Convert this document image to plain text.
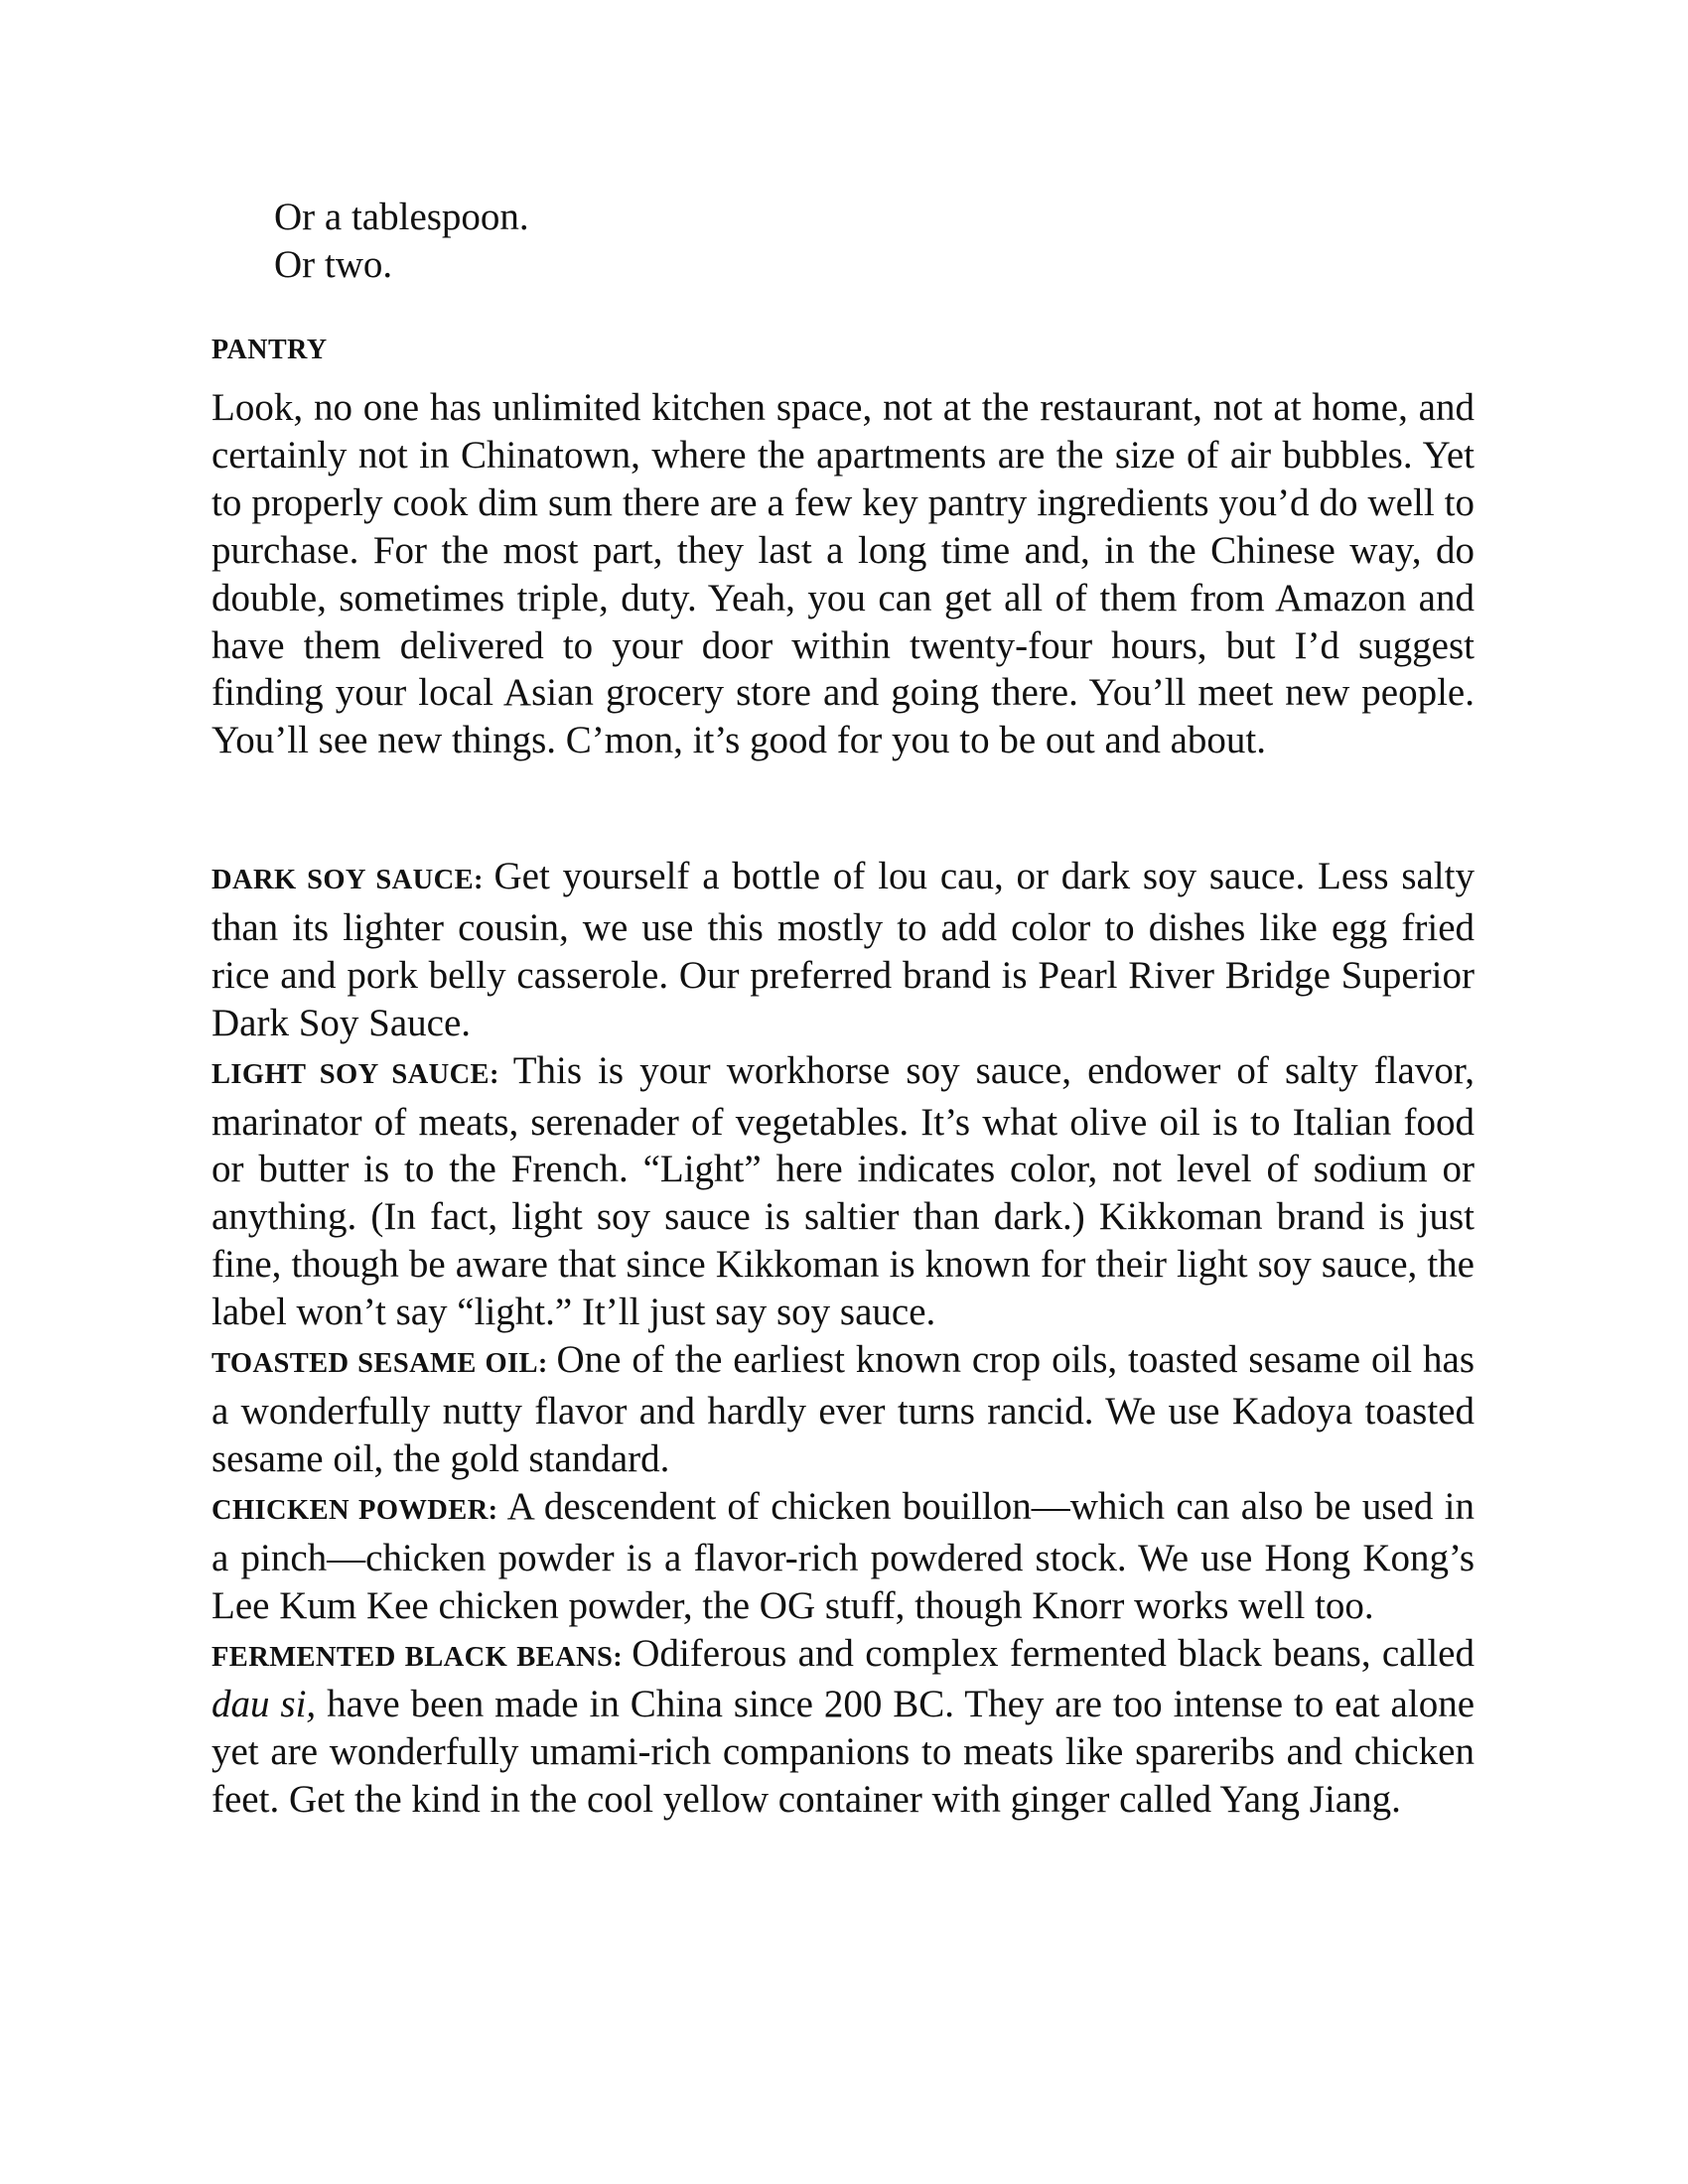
Or a tablespoon.
Or two.
PANTRY

Look, no one has unlimited kitchen space, not at the restaurant, not at home, and certainly not in Chinatown, where the apartments are the size of air bubbles. Yet to properly cook dim sum there are a few key pantry ingredients you’d do well to purchase. For the most part, they last a long time and, in the Chinese way, do double, sometimes triple, duty. Yeah, you can get all of them from Amazon and have them delivered to your door within twenty-four hours, but I’d suggest finding your local Asian grocery store and going there. You’ll meet new people. You’ll see new things. C’mon, it’s good for you to be out and about.

DARK SOY SAUCE: Get yourself a bottle of lou cau, or dark soy sauce. Less salty than its lighter cousin, we use this mostly to add color to dishes like egg fried rice and pork belly casserole. Our preferred brand is Pearl River Bridge Superior Dark Soy Sauce.

LIGHT SOY SAUCE: This is your workhorse soy sauce, endower of salty flavor, marinator of meats, serenader of vegetables. It’s what olive oil is to Italian food or butter is to the French. “Light” here indicates color, not level of sodium or anything. (In fact, light soy sauce is saltier than dark.) Kikkoman brand is just fine, though be aware that since Kikkoman is known for their light soy sauce, the label won’t say “light.” It’ll just say soy sauce.

TOASTED SESAME OIL: One of the earliest known crop oils, toasted sesame oil has a wonderfully nutty flavor and hardly ever turns rancid. We use Kadoya toasted sesame oil, the gold standard.

CHICKEN POWDER: A descendent of chicken bouillon—which can also be used in a pinch—chicken powder is a flavor-rich powdered stock. We use Hong Kong’s Lee Kum Kee chicken powder, the OG stuff, though Knorr works well too.

FERMENTED BLACK BEANS: Odiferous and complex fermented black beans, called dau si, have been made in China since 200 BC. They are too intense to eat alone yet are wonderfully umami-rich companions to meats like spareribs and chicken feet. Get the kind in the cool yellow container with ginger called Yang Jiang.
